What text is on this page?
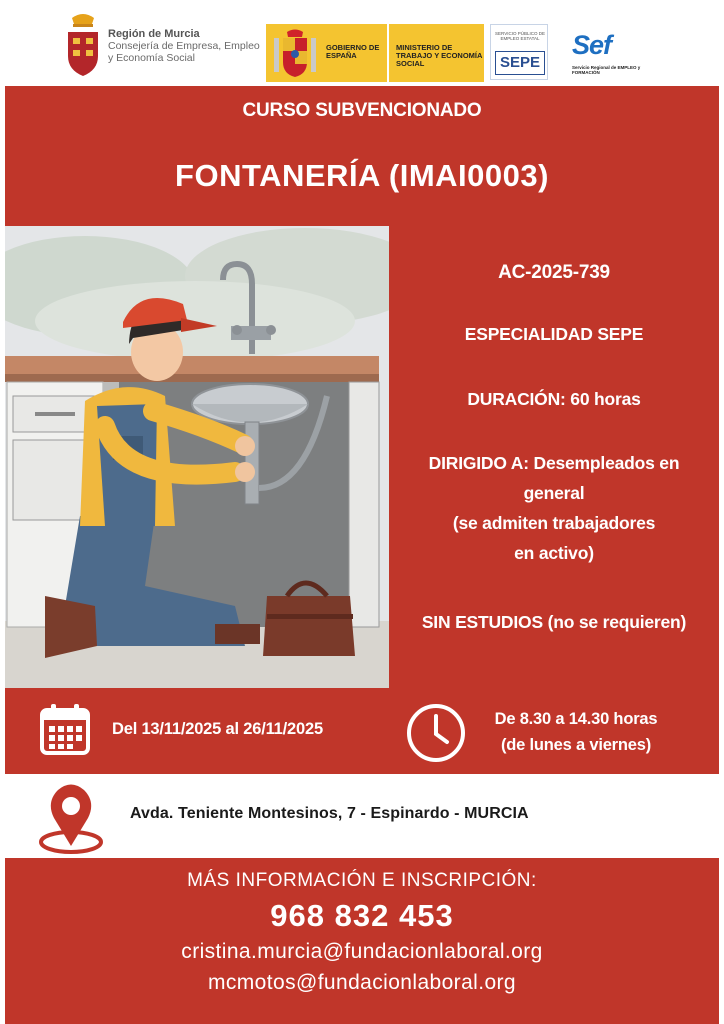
Región de Murcia
Consejería de Empresa, Empleo
y Economía Social
GOBIERNO DE ESPAÑA
MINISTERIO DE TRABAJO Y ECONOMÍA SOCIAL
SERVICIO PÚBLICO DE EMPLEO ESTATAL
SEPE
Sef
Servicio Regional de EMPLEO y FORMACIÓN
CURSO SUBVENCIONADO
FONTANERÍA (IMAI0003)
AC-2025-739
ESPECIALIDAD SEPE
DURACIÓN: 60 horas
DIRIGIDO A: Desempleados en
general
(se admiten trabajadores
en activo)
SIN ESTUDIOS (no se requieren)
Del 13/11/2025 al 26/11/2025
De 8.30 a 14.30 horas
(de lunes a viernes)
Avda. Teniente Montesinos, 7 - Espinardo - MURCIA
MÁS INFORMACIÓN E INSCRIPCIÓN:
968 832 453
cristina.murcia@fundacionlaboral.org
mcmotos@fundacionlaboral.org
